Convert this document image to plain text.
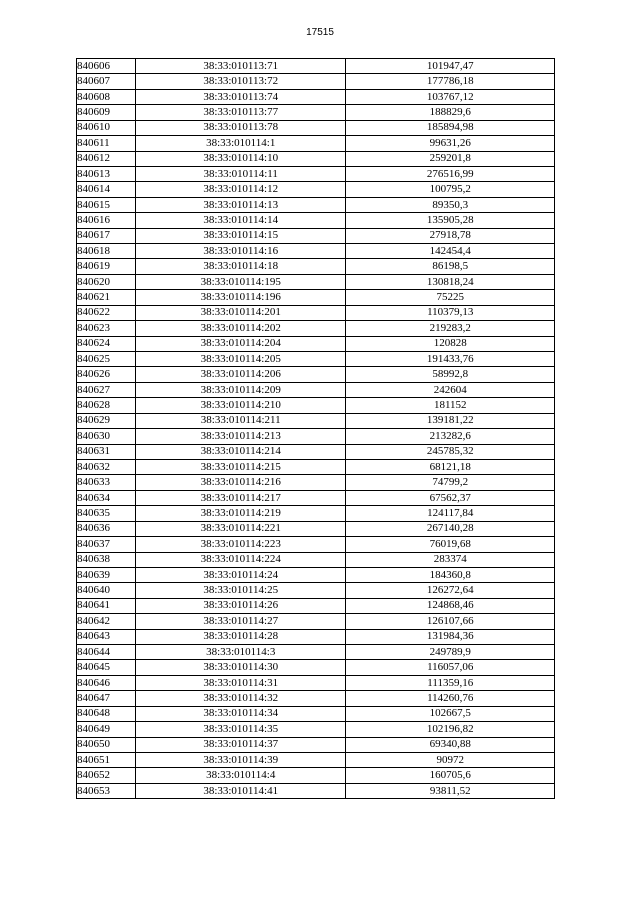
17515
840606	38:33:010113:71	101947,47
840607	38:33:010113:72	177786,18
840608	38:33:010113:74	103767,12
840609	38:33:010113:77	188829,6
840610	38:33:010113:78	185894,98
840611	38:33:010114:1	99631,26
840612	38:33:010114:10	259201,8
840613	38:33:010114:11	276516,99
840614	38:33:010114:12	100795,2
840615	38:33:010114:13	89350,3
840616	38:33:010114:14	135905,28
840617	38:33:010114:15	27918,78
840618	38:33:010114:16	142454,4
840619	38:33:010114:18	86198,5
840620	38:33:010114:195	130818,24
840621	38:33:010114:196	75225
840622	38:33:010114:201	110379,13
840623	38:33:010114:202	219283,2
840624	38:33:010114:204	120828
840625	38:33:010114:205	191433,76
840626	38:33:010114:206	58992,8
840627	38:33:010114:209	242604
840628	38:33:010114:210	181152
840629	38:33:010114:211	139181,22
840630	38:33:010114:213	213282,6
840631	38:33:010114:214	245785,32
840632	38:33:010114:215	68121,18
840633	38:33:010114:216	74799,2
840634	38:33:010114:217	67562,37
840635	38:33:010114:219	124117,84
840636	38:33:010114:221	267140,28
840637	38:33:010114:223	76019,68
840638	38:33:010114:224	283374
840639	38:33:010114:24	184360,8
840640	38:33:010114:25	126272,64
840641	38:33:010114:26	124868,46
840642	38:33:010114:27	126107,66
840643	38:33:010114:28	131984,36
840644	38:33:010114:3	249789,9
840645	38:33:010114:30	116057,06
840646	38:33:010114:31	111359,16
840647	38:33:010114:32	114260,76
840648	38:33:010114:34	102667,5
840649	38:33:010114:35	102196,82
840650	38:33:010114:37	69340,88
840651	38:33:010114:39	90972
840652	38:33:010114:4	160705,6
840653	38:33:010114:41	93811,52
